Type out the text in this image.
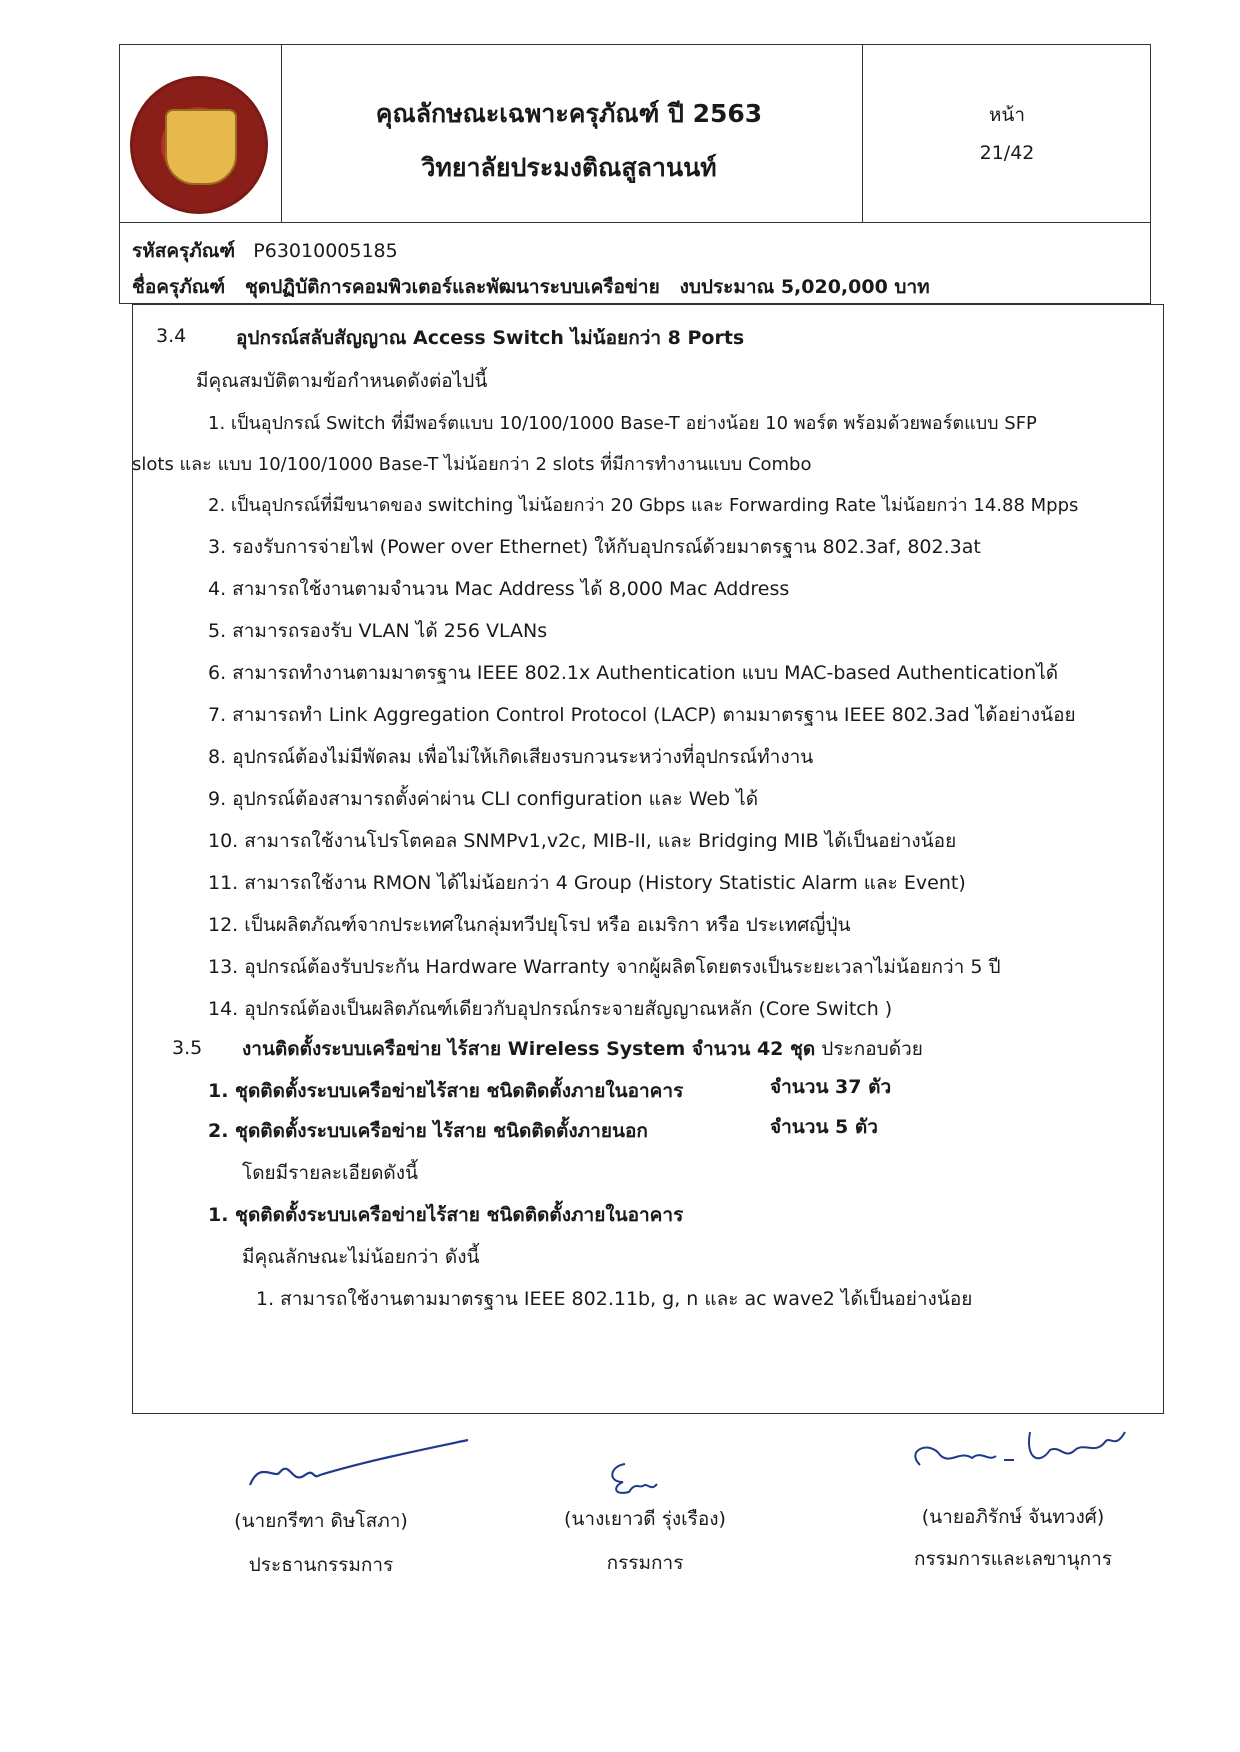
คุณลักษณะเฉพาะครุภัณฑ์ ปี 2563
วิทยาลัยประมงติณสูลานนท์
หน้า
21/42
รหัสครุภัณฑ์ P63010005185
ชื่อครุภัณฑ์ ชุดปฏิบัติการคอมพิวเตอร์และพัฒนาระบบเครือข่าย งบประมาณ 5,020,000 บาท
3.4	อุปกรณ์สลับสัญญาณ Access Switch ไม่น้อยกว่า 8 Ports
มีคุณสมบัติตามข้อกำหนดดังต่อไปนี้
1. เป็นอุปกรณ์ Switch ที่มีพอร์ตแบบ 10/100/1000 Base-T อย่างน้อย 10 พอร์ต พร้อมด้วยพอร์ตแบบ SFP
slots และ แบบ 10/100/1000 Base-T ไม่น้อยกว่า 2 slots ที่มีการทำงานแบบ Combo
2. เป็นอุปกรณ์ที่มีขนาดของ switching ไม่น้อยกว่า 20 Gbps และ Forwarding Rate ไม่น้อยกว่า 14.88 Mpps
3. รองรับการจ่ายไฟ (Power over Ethernet) ให้กับอุปกรณ์ด้วยมาตรฐาน 802.3af, 802.3at
4. สามารถใช้งานตามจำนวน Mac Address ได้ 8,000 Mac Address
5. สามารถรองรับ VLAN ได้ 256 VLANs
6. สามารถทำงานตามมาตรฐาน IEEE 802.1x Authentication แบบ MAC-based Authenticationได้
7. สามารถทำ Link Aggregation Control Protocol (LACP) ตามมาตรฐาน IEEE 802.3ad ได้อย่างน้อย
8. อุปกรณ์ต้องไม่มีพัดลม เพื่อไม่ให้เกิดเสียงรบกวนระหว่างที่อุปกรณ์ทำงาน
9. อุปกรณ์ต้องสามารถตั้งค่าผ่าน CLI configuration และ Web ได้
10. สามารถใช้งานโปรโตคอล SNMPv1,v2c, MIB-II, และ Bridging MIB ได้เป็นอย่างน้อย
11. สามารถใช้งาน RMON ได้ไม่น้อยกว่า 4 Group (History Statistic Alarm และ Event)
12. เป็นผลิตภัณฑ์จากประเทศในกลุ่มทวีปยุโรป หรือ อเมริกา หรือ ประเทศญี่ปุ่น
13. อุปกรณ์ต้องรับประกัน Hardware Warranty จากผู้ผลิตโดยตรงเป็นระยะเวลาไม่น้อยกว่า 5 ปี
14. อุปกรณ์ต้องเป็นผลิตภัณฑ์เดียวกับอุปกรณ์กระจายสัญญาณหลัก (Core Switch )
3.5 งานติดตั้งระบบเครือข่าย ไร้สาย Wireless System จำนวน 42 ชุด ประกอบด้วย
1. ชุดติดตั้งระบบเครือข่ายไร้สาย ชนิดติดตั้งภายในอาคาร	จำนวน 37 ตัว
2. ชุดติดตั้งระบบเครือข่าย ไร้สาย ชนิดติดตั้งภายนอก	จำนวน 5 ตัว
โดยมีรายละเอียดดังนี้
1. ชุดติดตั้งระบบเครือข่ายไร้สาย ชนิดติดตั้งภายในอาคาร
มีคุณลักษณะไม่น้อยกว่า ดังนี้
1. สามารถใช้งานตามมาตรฐาน IEEE 802.11b, g, n และ ac wave2 ได้เป็นอย่างน้อย
(นายกรีฑา ดิษโสภา)
ประธานกรรมการ
(นางเยาวดี รุ่งเรือง)
กรรมการ
(นายอภิรักษ์ จันทวงศ์)
กรรมการและเลขานุการ
